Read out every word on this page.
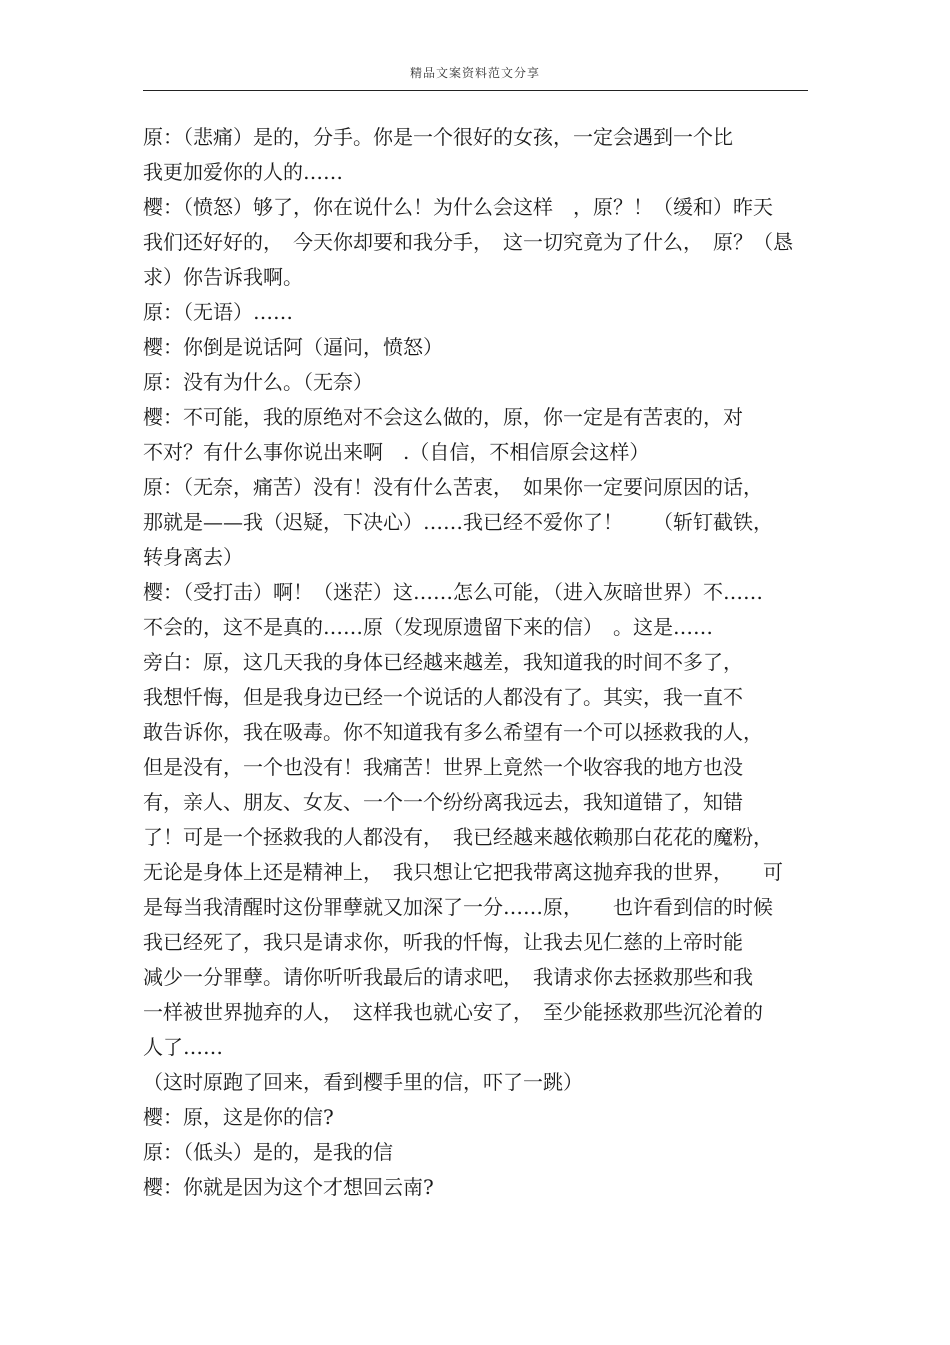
精品文案资料范文分享
原：（悲痛）是的，分手。你是一个很好的女孩，一定会遇到一个比
我更加爱你的人的……
樱：（愤怒）够了，你在说什么！为什么会这样　，原？！（缓和）昨天
我们还好好的，　今天你却要和我分手，　这一切究竟为了什么，　原？（恳
求）你告诉我啊。
原：（无语）……
樱：你倒是说话阿（逼问，愤怒）
原：没有为什么。（无奈）
樱：不可能，我的原绝对不会这么做的，原，你一定是有苦衷的，对
不对？有什么事你说出来啊　.（自信，不相信原会这样）
原：（无奈，痛苦）没有！没有什么苦衷，　如果你一定要问原因的话，
那就是——我（迟疑，下决心）……我已经不爱你了！　　（斩钉截铁，
转身离去）
樱：（受打击）啊！（迷茫）这……怎么可能，（进入灰暗世界）不……
不会的，这不是真的……原（发现原遗留下来的信）　。这是……
旁白：原，这几天我的身体已经越来越差，我知道我的时间不多了，
我想忏悔，但是我身边已经一个说话的人都没有了。其实，我一直不
敢告诉你，我在吸毒。你不知道我有多么希望有一个可以拯救我的人，
但是没有，一个也没有！我痛苦！世界上竟然一个收容我的地方也没
有，亲人、朋友、女友、一个一个纷纷离我远去，我知道错了，知错
了！可是一个拯救我的人都没有，　我已经越来越依赖那白花花的魔粉，
无论是身体上还是精神上，　我只想让它把我带离这抛弃我的世界，　　可
是每当我清醒时这份罪孽就又加深了一分……原，　　也许看到信的时候
我已经死了，我只是请求你，听我的忏悔，让我去见仁慈的上帝时能
减少一分罪孽。请你听听我最后的请求吧，　我请求你去拯救那些和我
一样被世界抛弃的人，　这样我也就心安了，　至少能拯救那些沉沦着的
人了……
（这时原跑了回来，看到樱手里的信，吓了一跳）
樱：原，这是你的信?
原：（低头）是的，是我的信
樱：你就是因为这个才想回云南?
